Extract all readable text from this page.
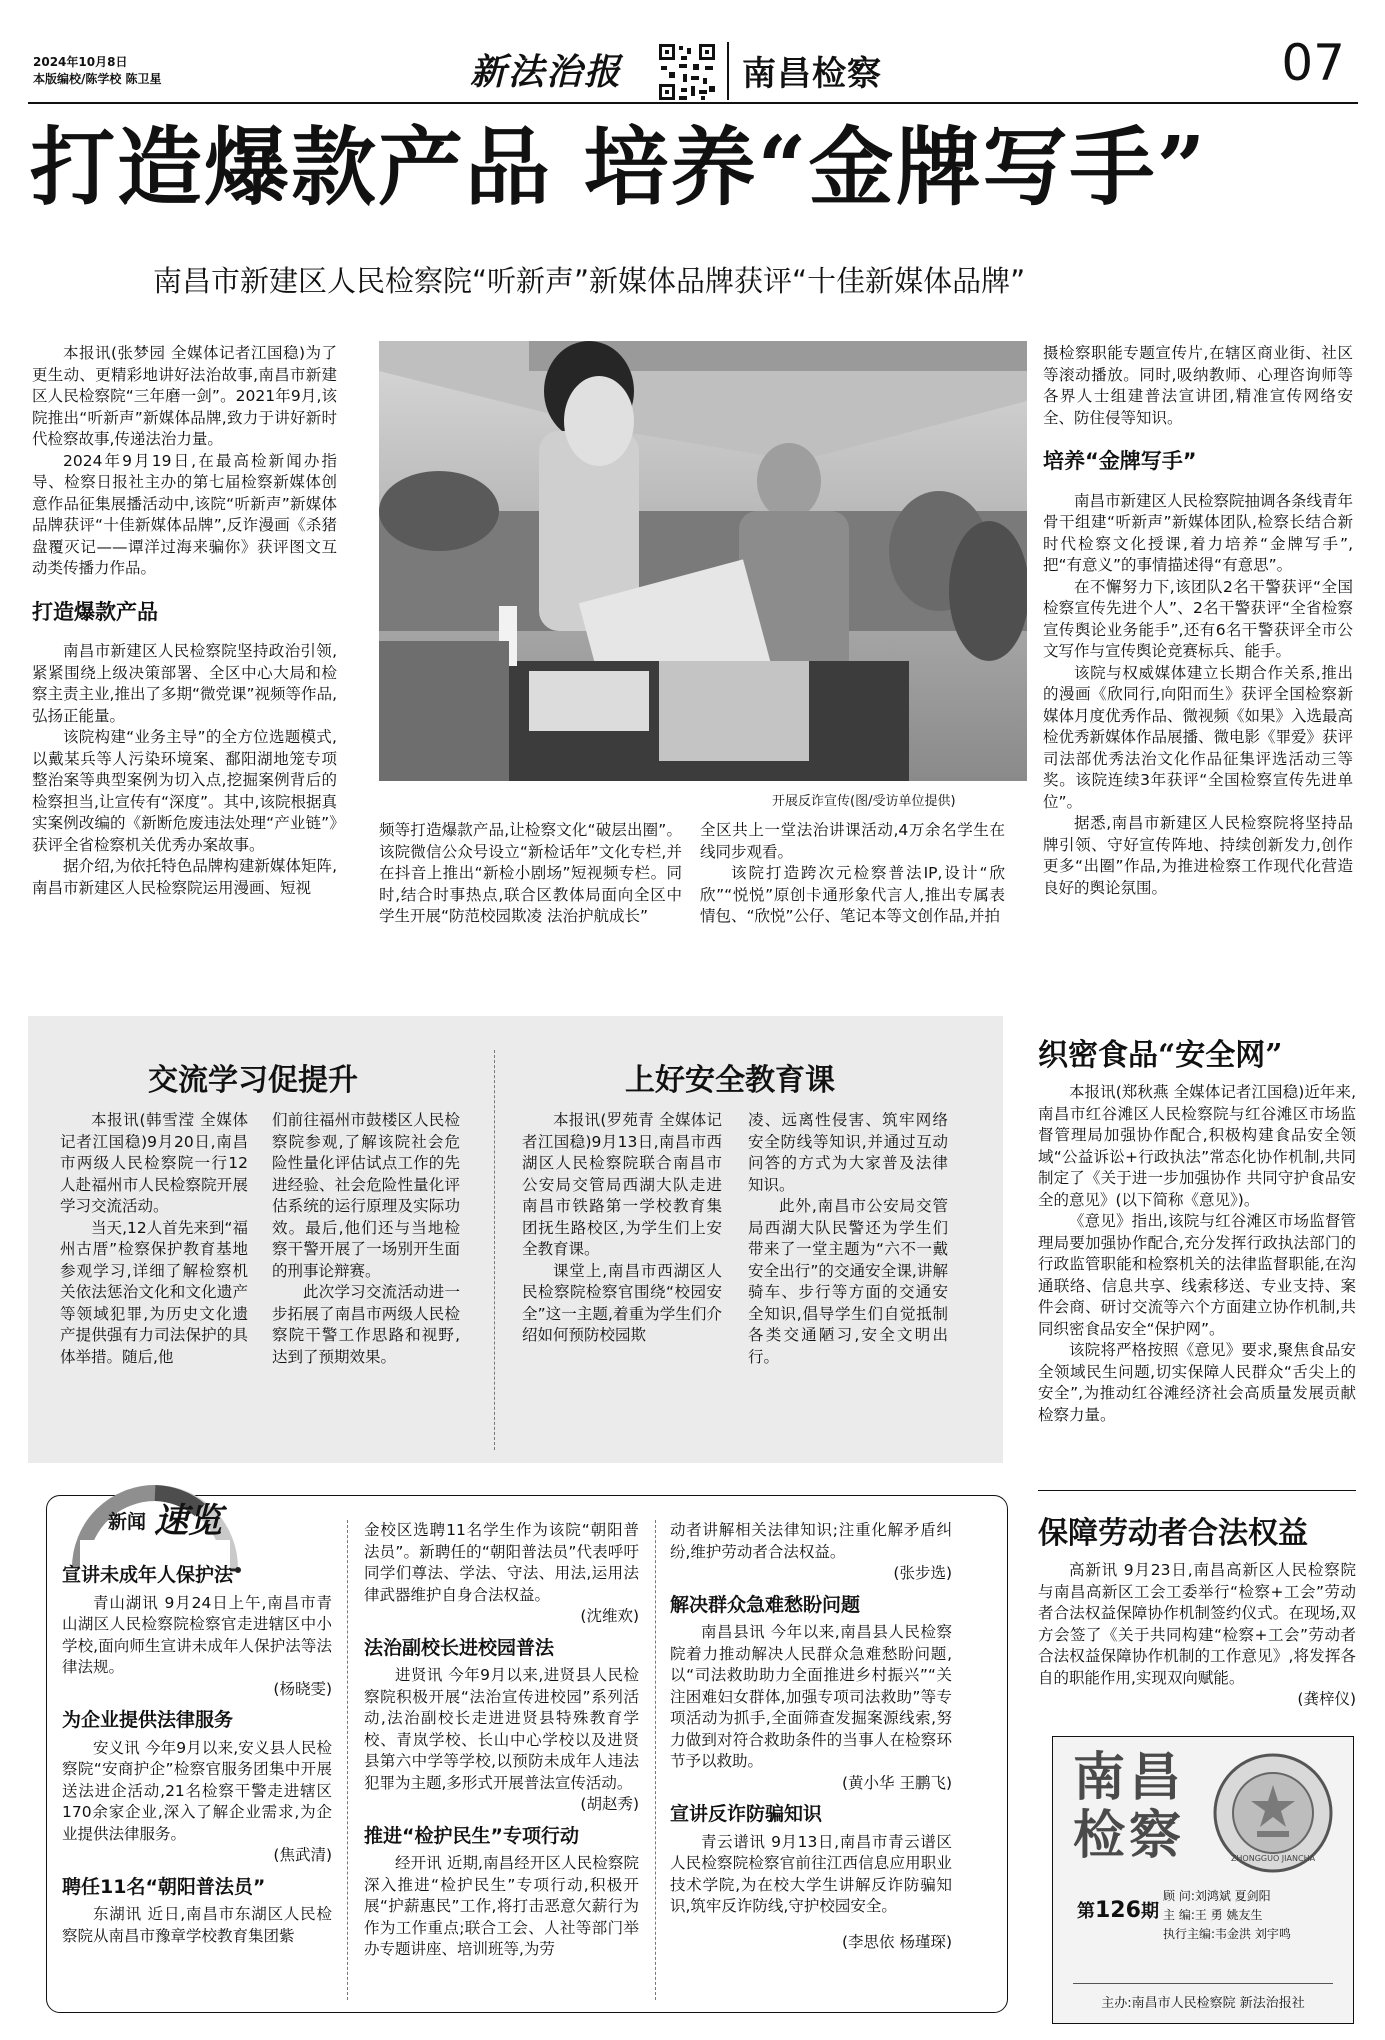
2024年10月8日
本版编校/陈学校 陈卫星	新法治报	南昌检察	07
打造爆款产品 培养“金牌写手”
南昌市新建区人民检察院“听新声”新媒体品牌获评“十佳新媒体品牌”

本报讯(张梦园 全媒体记者江国稳)为了更生动、更精彩地讲好法治故事,南昌市新建区人民检察院“三年磨一剑”。2021年9月,该院推出“听新声”新媒体品牌,致力于讲好新时代检察故事,传递法治力量。

2024年9月19日,在最高检新闻办指导、检察日报社主办的第七届检察新媒体创意作品征集展播活动中,该院“听新声”新媒体品牌获评“十佳新媒体品牌”,反诈漫画《杀猪盘覆灭记——谭洋过海来骗你》获评图文互动类传播力作品。

打造爆款产品

南昌市新建区人民检察院坚持政治引领,紧紧围绕上级决策部署、全区中心大局和检察主责主业,推出了多期“微党课”视频等作品,弘扬正能量。

该院构建“业务主导”的全方位选题模式,以戴某兵等人污染环境案、鄱阳湖地笼专项整治案等典型案例为切入点,挖掘案例背后的检察担当,让宣传有“深度”。其中,该院根据真实案例改编的《新断危废违法处理“产业链”》获评全省检察机关优秀办案故事。

据介绍,为依托特色品牌构建新媒体矩阵,南昌市新建区人民检察院运用漫画、短视

开展反诈宣传(图/受访单位提供)

频等打造爆款产品,让检察文化“破层出圈”。该院微信公众号设立“新检话年”文化专栏,并在抖音上推出“新检小剧场”短视频专栏。同时,结合时事热点,联合区教体局面向全区中学生开展“防范校园欺凌 法治护航成长”

全区共上一堂法治讲课活动,4万余名学生在线同步观看。

该院打造跨次元检察普法IP,设计“欣欣”“悦悦”原创卡通形象代言人,推出专属表情包、“欣悦”公仔、笔记本等文创作品,并拍

摄检察职能专题宣传片,在辖区商业街、社区等滚动播放。同时,吸纳教师、心理咨询师等各界人士组建普法宣讲团,精准宣传网络安全、防住侵等知识。

培养“金牌写手”

南昌市新建区人民检察院抽调各条线青年骨干组建“听新声”新媒体团队,检察长结合新时代检察文化授课,着力培养“金牌写手”,把“有意义”的事情描述得“有意思”。

在不懈努力下,该团队2名干警获评“全国检察宣传先进个人”、2名干警获评“全省检察宣传舆论业务能手”,还有6名干警获评全市公文写作与宣传舆论竞赛标兵、能手。

该院与权威媒体建立长期合作关系,推出的漫画《欣同行,向阳而生》获评全国检察新媒体月度优秀作品、微视频《如果》入选最高检优秀新媒体作品展播、微电影《罪爱》获评司法部优秀法治文化作品征集评选活动三等奖。该院连续3年获评“全国检察宣传先进单位”。

据悉,南昌市新建区人民检察院将坚持品牌引领、守好宣传阵地、持续创新发力,创作更多“出圈”作品,为推进检察工作现代化营造良好的舆论氛围。

交流学习促提升

本报讯(韩雪滢 全媒体记者江国稳)9月20日,南昌市两级人民检察院一行12人赴福州市人民检察院开展学习交流活动。

当天,12人首先来到“福州古厝”检察保护教育基地参观学习,详细了解检察机关依法惩治文化和文化遗产等领域犯罪,为历史文化遗产提供强有力司法保护的具体举措。随后,他

们前往福州市鼓楼区人民检察院参观,了解该院社会危险性量化评估试点工作的先进经验、社会危险性量化评估系统的运行原理及实际功效。最后,他们还与当地检察干警开展了一场别开生面的刑事论辩赛。

此次学习交流活动进一步拓展了南昌市两级人民检察院干警工作思路和视野,达到了预期效果。

上好安全教育课

本报讯(罗苑青 全媒体记者江国稳)9月13日,南昌市西湖区人民检察院联合南昌市公安局交管局西湖大队走进南昌市铁路第一学校教育集团抚生路校区,为学生们上安全教育课。

课堂上,南昌市西湖区人民检察院检察官围绕“校园安全”这一主题,着重为学生们介绍如何预防校园欺

凌、远离性侵害、筑牢网络安全防线等知识,并通过互动问答的方式为大家普及法律知识。

此外,南昌市公安局交管局西湖大队民警还为学生们带来了一堂主题为“六不一戴 安全出行”的交通安全课,讲解骑车、步行等方面的交通安全知识,倡导学生们自觉抵制各类交通陋习,安全文明出行。

织密食品“安全网”

本报讯(郑秋燕 全媒体记者江国稳)近年来,南昌市红谷滩区人民检察院与红谷滩区市场监督管理局加强协作配合,积极构建食品安全领域“公益诉讼+行政执法”常态化协作机制,共同制定了《关于进一步加强协作 共同守护食品安全的意见》(以下简称《意见》)。

《意见》指出,该院与红谷滩区市场监督管理局要加强协作配合,充分发挥行政执法部门的行政监管职能和检察机关的法律监督职能,在沟通联络、信息共享、线索移送、专业支持、案件会商、研讨交流等六个方面建立协作机制,共同织密食品安全“保护网”。

该院将严格按照《意见》要求,聚焦食品安全领域民生问题,切实保障人民群众“舌尖上的安全”,为推动红谷滩经济社会高质量发展贡献检察力量。

保障劳动者合法权益

高新讯 9月23日,南昌高新区人民检察院与南昌高新区工会工委举行“检察+工会”劳动者合法权益保障协作机制签约仪式。在现场,双方会签了《关于共同构建“检察+工会”劳动者合法权益保障协作机制的工作意见》,将发挥各自的职能作用,实现双向赋能。

(龚梓仪)
新闻 速览
宣讲未成年人保护法

青山湖讯 9月24日上午,南昌市青山湖区人民检察院检察官走进辖区中小学校,面向师生宣讲未成年人保护法等法律法规。

(杨晓雯)
为企业提供法律服务

安义讯 今年9月以来,安义县人民检察院“安商护企”检察官服务团集中开展送法进企活动,21名检察干警走进辖区170余家企业,深入了解企业需求,为企业提供法律服务。

(焦武清)
聘任11名“朝阳普法员”

东湖讯 近日,南昌市东湖区人民检察院从南昌市豫章学校教育集团紫

金校区选聘11名学生作为该院“朝阳普法员”。新聘任的“朝阳普法员”代表呼吁同学们尊法、学法、守法、用法,运用法律武器维护自身合法权益。

(沈维欢)
法治副校长进校园普法

进贤讯 今年9月以来,进贤县人民检察院积极开展“法治宣传进校园”系列活动,法治副校长走进进贤县特殊教育学校、青岚学校、长山中心学校以及进贤县第六中学等学校,以预防未成年人违法犯罪为主题,多形式开展普法宣传活动。

(胡赵秀)
推进“检护民生”专项行动

经开讯 近期,南昌经开区人民检察院深入推进“检护民生”专项行动,积极开展“护薪惠民”工作,将打击恶意欠薪行为作为工作重点;联合工会、人社等部门举办专题讲座、培训班等,为劳

动者讲解相关法律知识;注重化解矛盾纠纷,维护劳动者合法权益。

(张步选)
解决群众急难愁盼问题

南昌县讯 今年以来,南昌县人民检察院着力推动解决人民群众急难愁盼问题,以“司法救助助力全面推进乡村振兴”“关注困难妇女群体,加强专项司法救助”等专项活动为抓手,全面筛查发掘案源线索,努力做到对符合救助条件的当事人在检察环节予以救助。

(黄小华 王鹏飞)
宣讲反诈防骗知识

青云谱讯 9月13日,南昌市青云谱区人民检察院检察官前往江西信息应用职业技术学院,为在校大学生讲解反诈防骗知识,筑牢反诈防线,守护校园安全。

(李思依 杨瑾琛)
南昌
检察	ZHONGGUO JIANCHA
第126期
顾 问:刘鸿斌 夏剑阳
主 编:王 勇 姚友生
执行主编:韦金洪 刘宇鸣
主办:南昌市人民检察院 新法治报社
